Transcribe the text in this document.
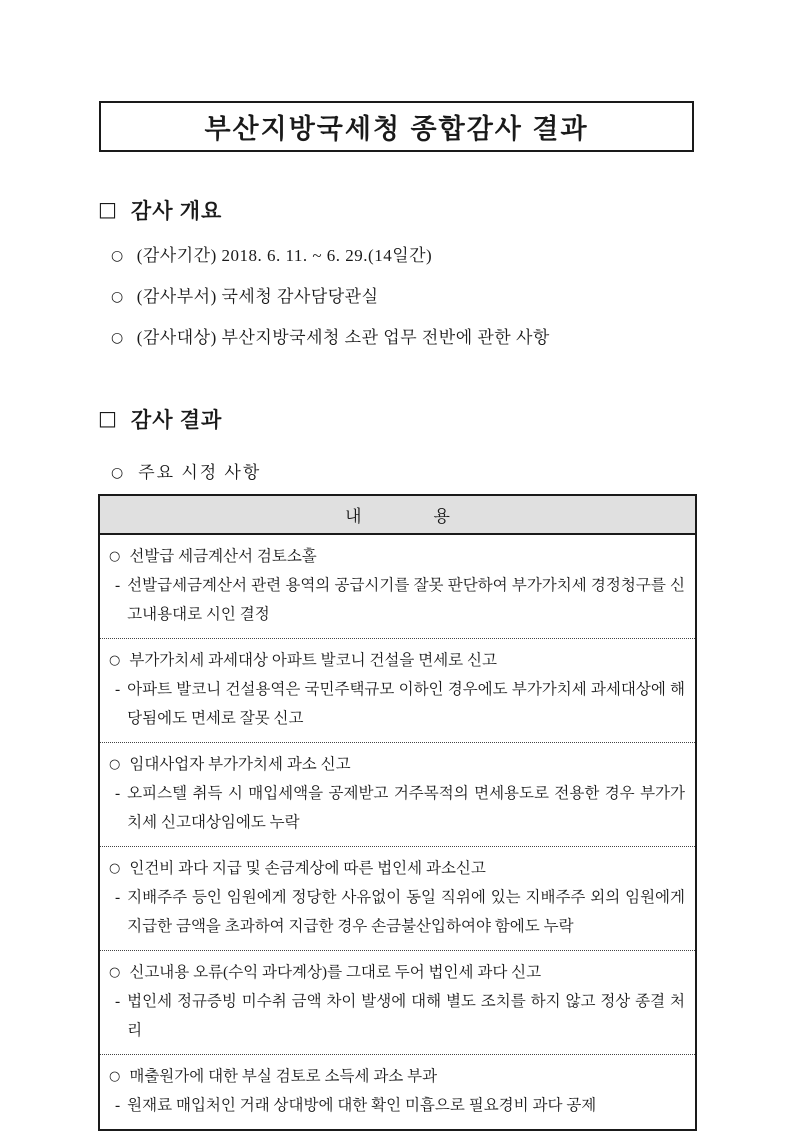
부산지방국세청 종합감사 결과
□ 감사 개요
○ (감사기간) 2018. 6. 11. ~ 6. 29.(14일간)
○ (감사부서) 국세청 감사담당관실
○ (감사대상) 부산지방국세청 소관 업무 전반에 관한 사항
□ 감사 결과
○ 주요 시정 사항
내	용
○ 선발급 세금계산서 검토소홀
- 선발급세금계산서 관련 용역의 공급시기를 잘못 판단하여 부가가치세 경정청구를 신고내용대로 시인 결정
○ 부가가치세 과세대상 아파트 발코니 건설을 면세로 신고
- 아파트 발코니 건설용역은 국민주택규모 이하인 경우에도 부가가치세 과세대상에 해당됨에도 면세로 잘못 신고
○ 임대사업자 부가가치세 과소 신고
- 오피스텔 취득 시 매입세액을 공제받고 거주목적의 면세용도로 전용한 경우 부가가치세 신고대상임에도 누락
○ 인건비 과다 지급 및 손금계상에 따른 법인세 과소신고
- 지배주주 등인 임원에게 정당한 사유없이 동일 직위에 있는 지배주주 외의 임원에게 지급한 금액을 초과하여 지급한 경우 손금불산입하여야 함에도 누락
○ 신고내용 오류(수익 과다계상)를 그대로 두어 법인세 과다 신고
- 법인세 정규증빙 미수취 금액 차이 발생에 대해 별도 조치를 하지 않고 정상 종결 처리
○ 매출원가에 대한 부실 검토로 소득세 과소 부과
- 원재료 매입처인 거래 상대방에 대한 확인 미흡으로 필요경비 과다 공제
